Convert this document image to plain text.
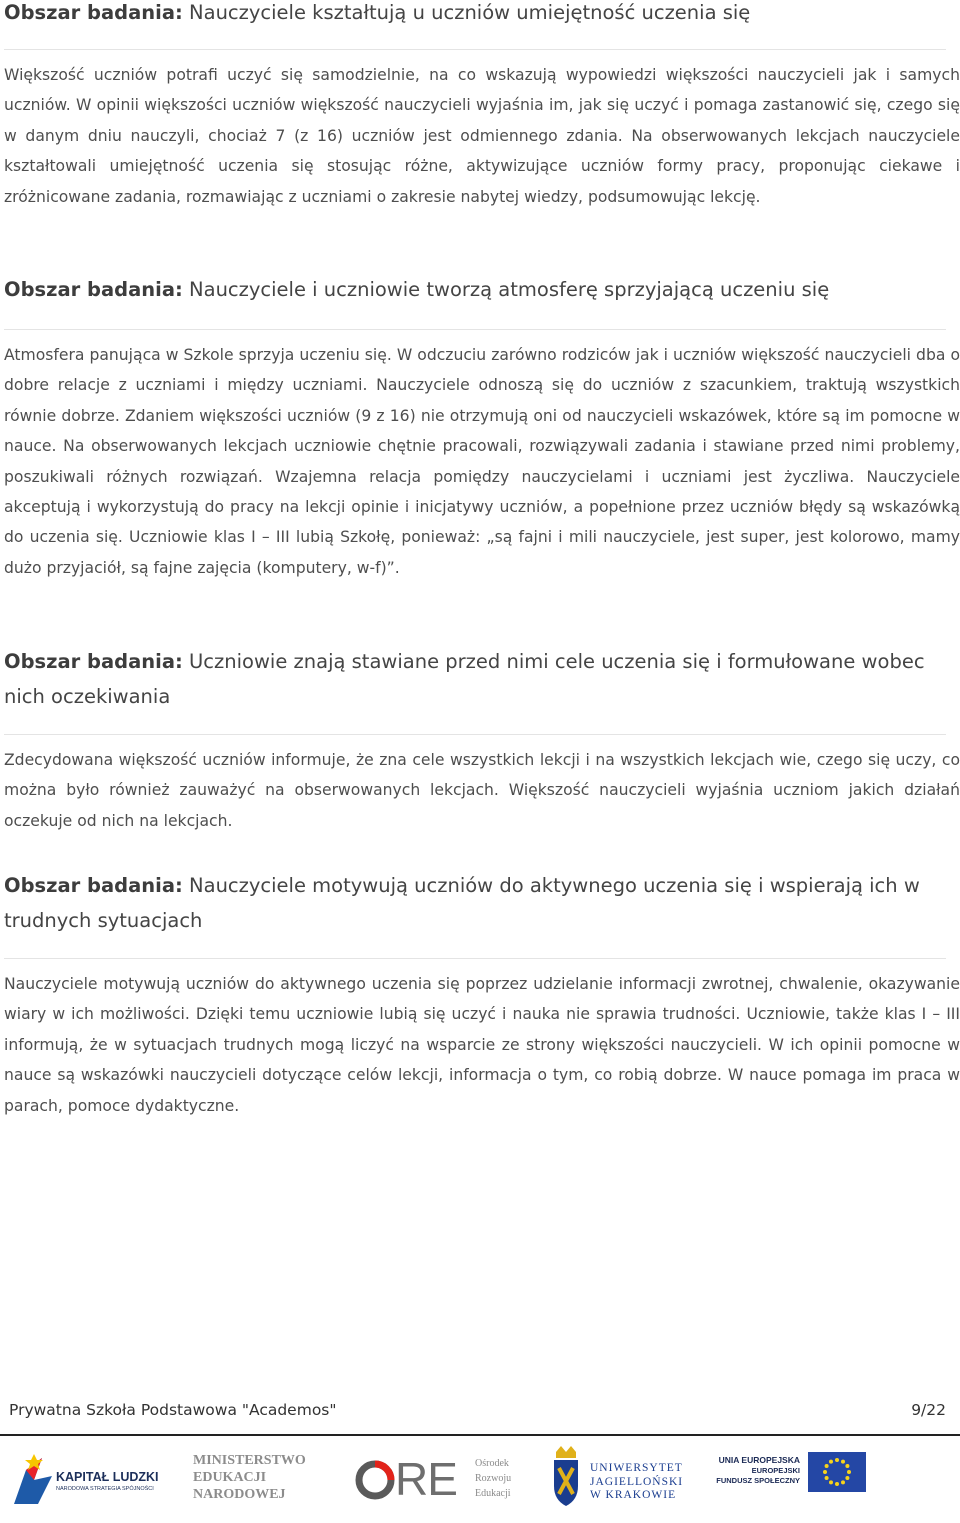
Obszar badania: Nauczyciele kształtują u uczniów umiejętność uczenia się

Większość uczniów potrafi uczyć się samodzielnie, na co wskazują wypowiedzi większości nauczycieli jak i samych uczniów. W opinii większości uczniów większość nauczycieli wyjaśnia im, jak się uczyć i pomaga zastanowić się, czego się w danym dniu nauczyli, chociaż 7 (z 16) uczniów jest odmiennego zdania. Na obserwowanych lekcjach nauczyciele kształtowali umiejętność uczenia się stosując różne, aktywizujące uczniów formy pracy, proponując ciekawe i zróżnicowane zadania, rozmawiając z uczniami o zakresie nabytej wiedzy, podsumowując lekcję.

Obszar badania: Nauczyciele i uczniowie tworzą atmosferę sprzyjającą uczeniu się

Atmosfera panująca w Szkole sprzyja uczeniu się. W odczuciu zarówno rodziców jak i uczniów większość nauczycieli dba o dobre relacje z uczniami i między uczniami. Nauczyciele odnoszą się do uczniów z szacunkiem, traktują wszystkich równie dobrze. Zdaniem większości uczniów (9 z 16) nie otrzymują oni od nauczycieli wskazówek, które są im pomocne w nauce. Na obserwowanych lekcjach uczniowie chętnie pracowali, rozwiązywali zadania i stawiane przed nimi problemy, poszukiwali różnych rozwiązań. Wzajemna relacja pomiędzy nauczycielami i uczniami jest życzliwa. Nauczyciele akceptują i wykorzystują do pracy na lekcji opinie i inicjatywy uczniów, a popełnione przez uczniów błędy są wskazówką do uczenia się. Uczniowie klas I – III lubią Szkołę, ponieważ: „są fajni i mili nauczyciele, jest super, jest kolorowo, mamy dużo przyjaciół, są fajne zajęcia (komputery, w-f)”.

Obszar badania: Uczniowie znają stawiane przed nimi cele uczenia się i formułowane wobec nich oczekiwania

Zdecydowana większość uczniów informuje, że zna cele wszystkich lekcji i na wszystkich lekcjach wie, czego się uczy, co można było również zauważyć na obserwowanych lekcjach. Większość nauczycieli wyjaśnia uczniom jakich działań oczekuje od nich na lekcjach.

Obszar badania: Nauczyciele motywują uczniów do aktywnego uczenia się i wspierają ich w trudnych sytuacjach

Nauczyciele motywują uczniów do aktywnego uczenia się poprzez udzielanie informacji zwrotnej, chwalenie, okazywanie wiary w ich możliwości. Dzięki temu uczniowie lubią się uczyć i nauka nie sprawia trudności. Uczniowie, także klas I – III informują, że w sytuacjach trudnych mogą liczyć na wsparcie ze strony większości nauczycieli. W ich opinii pomocne w nauce są wskazówki nauczycieli dotyczące celów lekcji, informacja o tym, co robią dobrze. W nauce pomaga im praca w parach, pomoce dydaktyczne.

Prywatna Szkoła Podstawowa "Academos"	9/22
KAPITAŁ LUDZKI
NARODOWA STRATEGIA SPÓJNOŚCI
MINISTERSTWO
EDUKACJI
NARODOWEJ	RE Ośrodek
Rozwoju
Edukacji
UNIWERSYTET
JAGIELLOŃSKI
W KRAKOWIE
UNIA EUROPEJSKA
EUROPEJSKI
FUNDUSZ SPOŁECZNY
